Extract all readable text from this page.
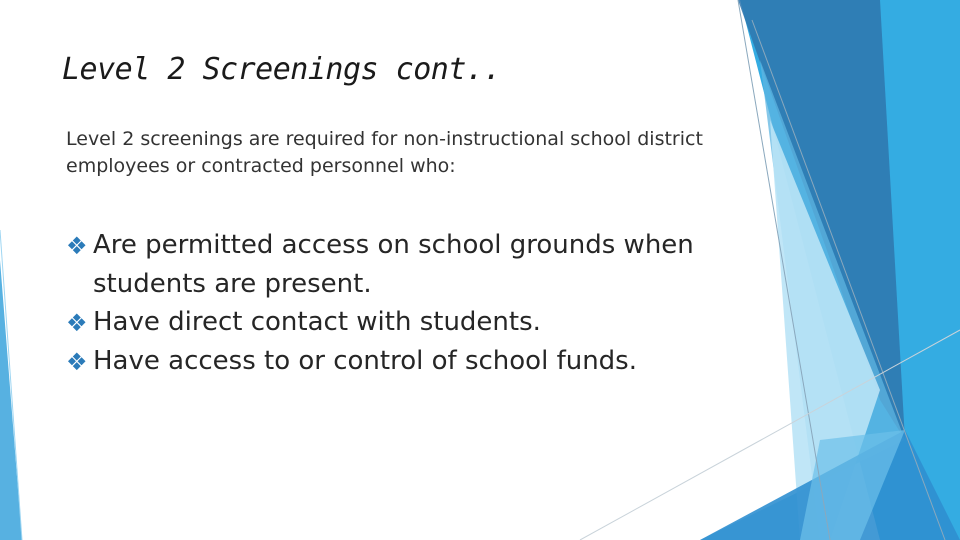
Level 2 Screenings cont..
Level 2 screenings are required for non-instructional school district employees or contracted personnel who:
❖ Are permitted access on school grounds when students are present.
❖ Have direct contact with students.
❖ Have access to or control of school funds.
